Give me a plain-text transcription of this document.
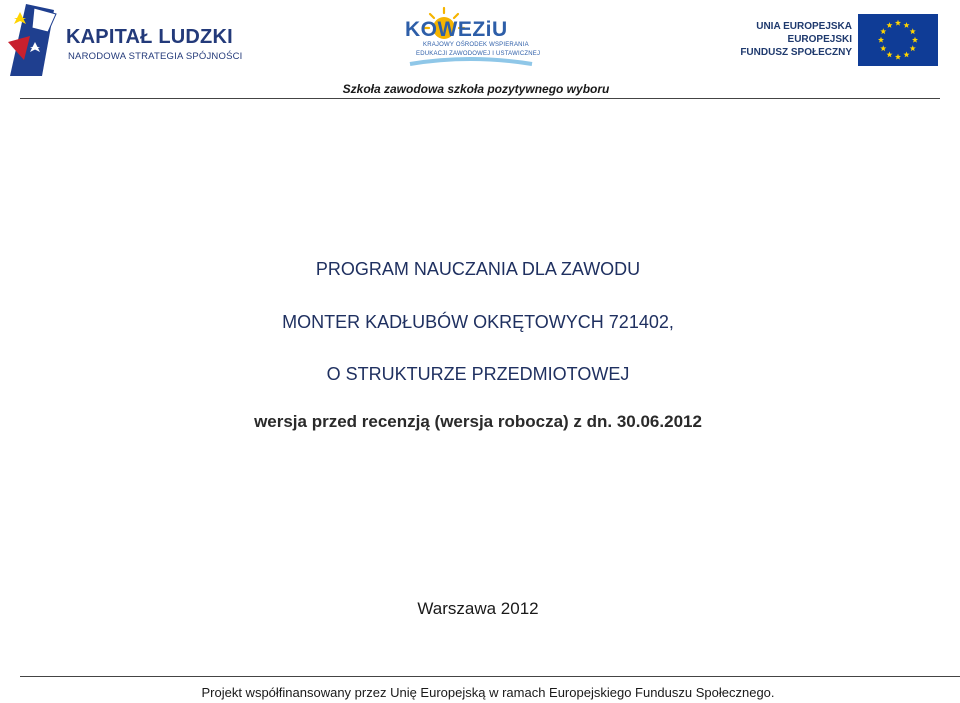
KAPITAŁ LUDZKI
NARODOWA STRATEGIA SPÓJNOŚCI
KOWEZiU
KRAJOWY OŚRODEK WSPIERANIA
EDUKACJI ZAWODOWEJ I USTAWICZNEJ
UNIA EUROPEJSKA
EUROPEJSKI
FUNDUSZ SPOŁECZNY
Szkoła zawodowa szkoła pozytywnego wyboru
PROGRAM NAUCZANIA DLA ZAWODU
MONTER KADŁUBÓW OKRĘTOWYCH 721402,
O STRUKTURZE PRZEDMIOTOWEJ
wersja przed recenzją (wersja robocza) z dn. 30.06.2012
Warszawa 2012
Projekt współfinansowany przez Unię Europejską w ramach Europejskiego Funduszu Społecznego.
